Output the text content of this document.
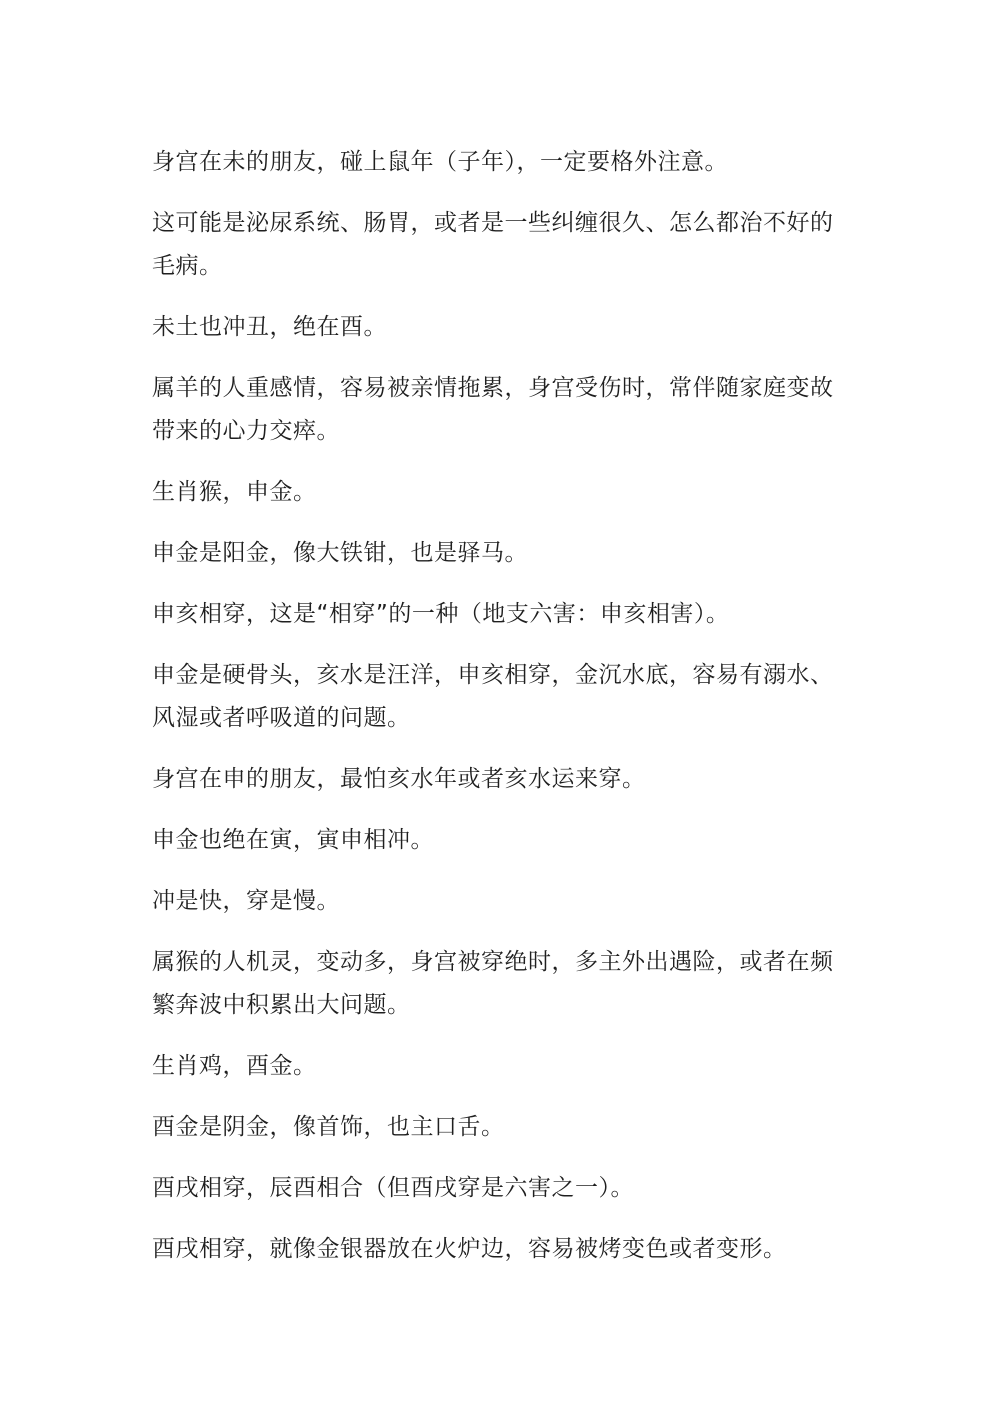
身宫在未的朋友，碰上鼠年（子年），一定要格外注意。

这可能是泌尿系统、肠胃，或者是一些纠缠很久、怎么都治不好的毛病。

未土也冲丑，绝在酉。

属羊的人重感情，容易被亲情拖累，身宫受伤时，常伴随家庭变故带来的心力交瘁。

生肖猴，申金。

申金是阳金，像大铁钳，也是驿马。

申亥相穿，这是“相穿”的一种（地支六害：申亥相害）。

申金是硬骨头，亥水是汪洋，申亥相穿，金沉水底，容易有溺水、风湿或者呼吸道的问题。

身宫在申的朋友，最怕亥水年或者亥水运来穿。

申金也绝在寅，寅申相冲。

冲是快，穿是慢。

属猴的人机灵，变动多，身宫被穿绝时，多主外出遇险，或者在频繁奔波中积累出大问题。

生肖鸡，酉金。

酉金是阴金，像首饰，也主口舌。

酉戌相穿，辰酉相合（但酉戌穿是六害之一）。

酉戌相穿，就像金银器放在火炉边，容易被烤变色或者变形。
